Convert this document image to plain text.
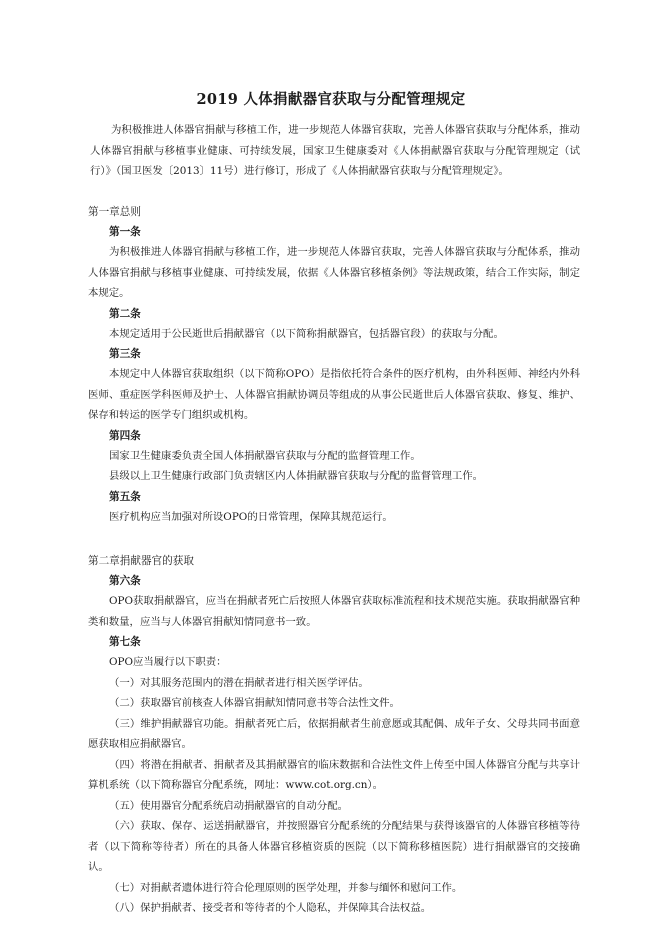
2019 人体捐献器官获取与分配管理规定
为积极推进人体器官捐献与移植工作，进一步规范人体器官获取，完善人体器官获取与分配体系，推动人体器官捐献与移植事业健康、可持续发展，国家卫生健康委对《人体捐献器官获取与分配管理规定（试行）》（国卫医发〔2013〕11号）进行修订，形成了《人体捐献器官获取与分配管理规定》。
第一章总则
第一条
为积极推进人体器官捐献与移植工作，进一步规范人体器官获取，完善人体器官获取与分配体系，推动人体器官捐献与移植事业健康、可持续发展，依据《人体器官移植条例》等法规政策，结合工作实际，制定本规定。
第二条
本规定适用于公民逝世后捐献器官（以下简称捐献器官，包括器官段）的获取与分配。
第三条
本规定中人体器官获取组织（以下简称OPO）是指依托符合条件的医疗机构，由外科医师、神经内外科医师、重症医学科医师及护士、人体器官捐献协调员等组成的从事公民逝世后人体器官获取、修复、维护、保存和转运的医学专门组织或机构。
第四条
国家卫生健康委负责全国人体捐献器官获取与分配的监督管理工作。
县级以上卫生健康行政部门负责辖区内人体捐献器官获取与分配的监督管理工作。
第五条
医疗机构应当加强对所设OPO的日常管理，保障其规范运行。
第二章捐献器官的获取
第六条
OPO获取捐献器官，应当在捐献者死亡后按照人体器官获取标准流程和技术规范实施。获取捐献器官种类和数量，应当与人体器官捐献知情同意书一致。
第七条
OPO应当履行以下职责：
（一）对其服务范围内的潜在捐献者进行相关医学评估。
（二）获取器官前核查人体器官捐献知情同意书等合法性文件。
（三）维护捐献器官功能。捐献者死亡后，依据捐献者生前意愿或其配偶、成年子女、父母共同书面意愿获取相应捐献器官。
（四）将潜在捐献者、捐献者及其捐献器官的临床数据和合法性文件上传至中国人体器官分配与共享计算机系统（以下简称器官分配系统，网址：www.cot.org.cn）。
（五）使用器官分配系统启动捐献器官的自动分配。
（六）获取、保存、运送捐献器官，并按照器官分配系统的分配结果与获得该器官的人体器官移植等待者（以下简称等待者）所在的具备人体器官移植资质的医院（以下简称移植医院）进行捐献器官的交接确认。
（七）对捐献者遗体进行符合伦理原则的医学处理，并参与缅怀和慰问工作。
（八）保护捐献者、接受者和等待者的个人隐私，并保障其合法权益。
